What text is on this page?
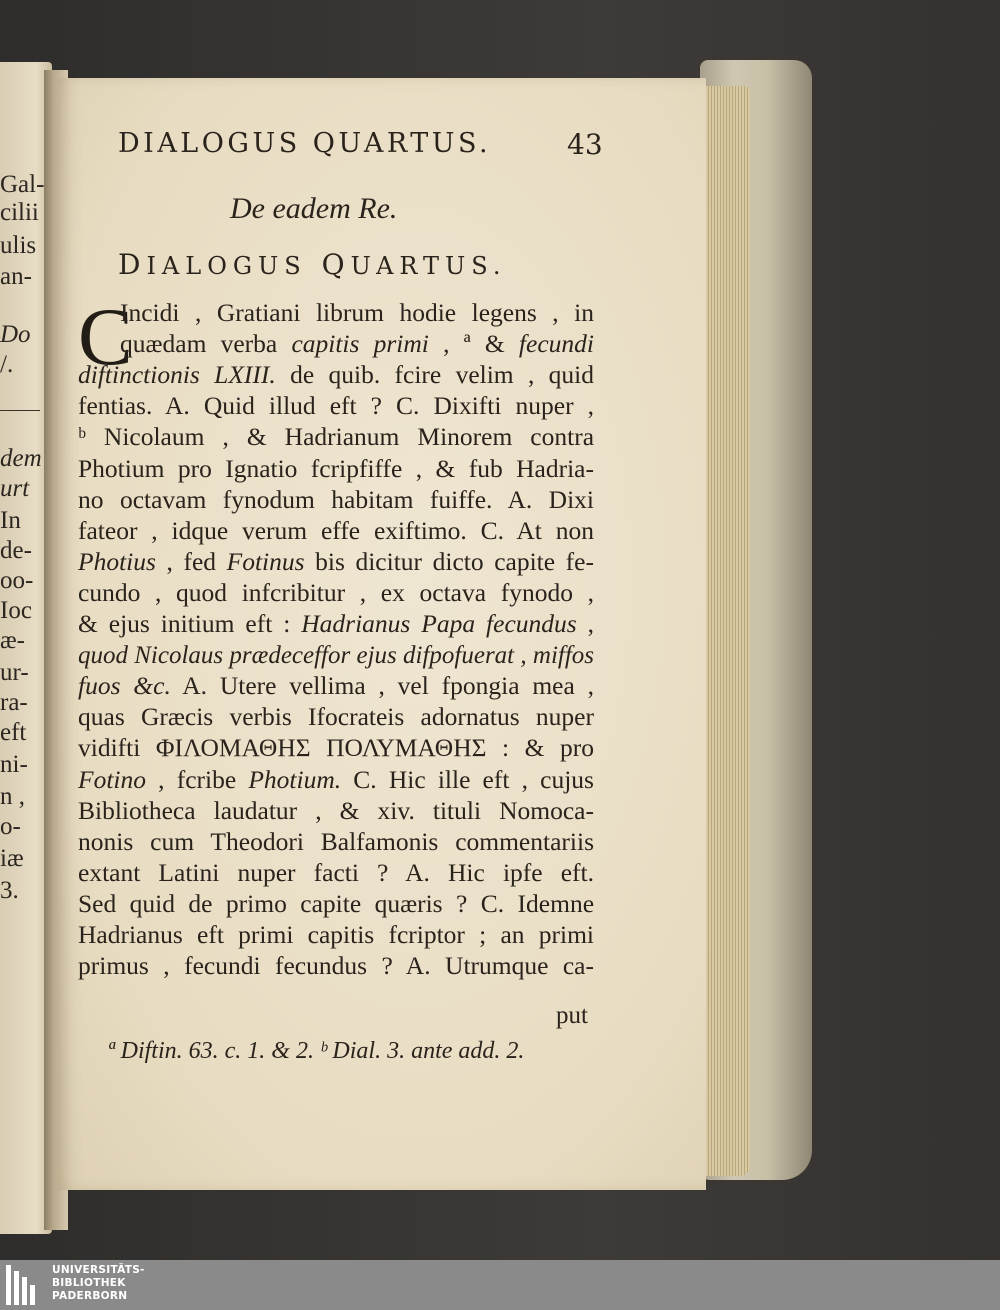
Gal-
cilii
ulis
an-
Do
/.
dem
urt
In
de-
oo-
Ioc
æ-
ur-
ra-
eft
ni-
n ,
o-
iæ
3.
DIALOGUS QUARTUS.	43
De eadem Re.
DIALOGUS QUARTUS.
C
Incidi , Gratiani librum hodie legens , in
quædam verba capitis primi , ª & fecundi
diftinctionis LXIII. de quib. fcire velim , quid
fentias. A. Quid illud eft ? C. Dixifti nuper ,
ᵇ Nicolaum , & Hadrianum Minorem contra
Photium pro Ignatio fcripfiffe , & fub Hadria-
no octavam fynodum habitam fuiffe. A. Dixi
fateor , idque verum effe exiftimo. C. At non
Photius , fed Fotinus bis dicitur dicto capite fe-
cundo , quod infcribitur , ex octava fynodo ,
& ejus initium eft : Hadrianus Papa fecundus ,
quod Nicolaus prædeceffor ejus difpofuerat , miffos
fuos &c. A. Utere vellima , vel fpongia mea ,
quas Græcis verbis Ifocrateis adornatus nuper
vidifti ΦΙΛΟΜΑΘΗΣ ΠΟΛΥΜΑΘΗΣ : & pro
Fotino , fcribe Photium. C. Hic ille eft , cujus
Bibliotheca laudatur , & xiv. tituli Nomoca-
nonis cum Theodori Balfamonis commentariis
extant Latini nuper facti ? A. Hic ipfe eft.
Sed quid de primo capite quæris ? C. Idemne
Hadrianus eft primi capitis fcriptor ; an primi
primus , fecundi fecundus ? A. Utrumque ca-
put
ª Diftin. 63. c. 1. & 2. ᵇ Dial. 3. ante add. 2.
UNIVERSITÄTS-
BIBLIOTHEK
PADERBORN
